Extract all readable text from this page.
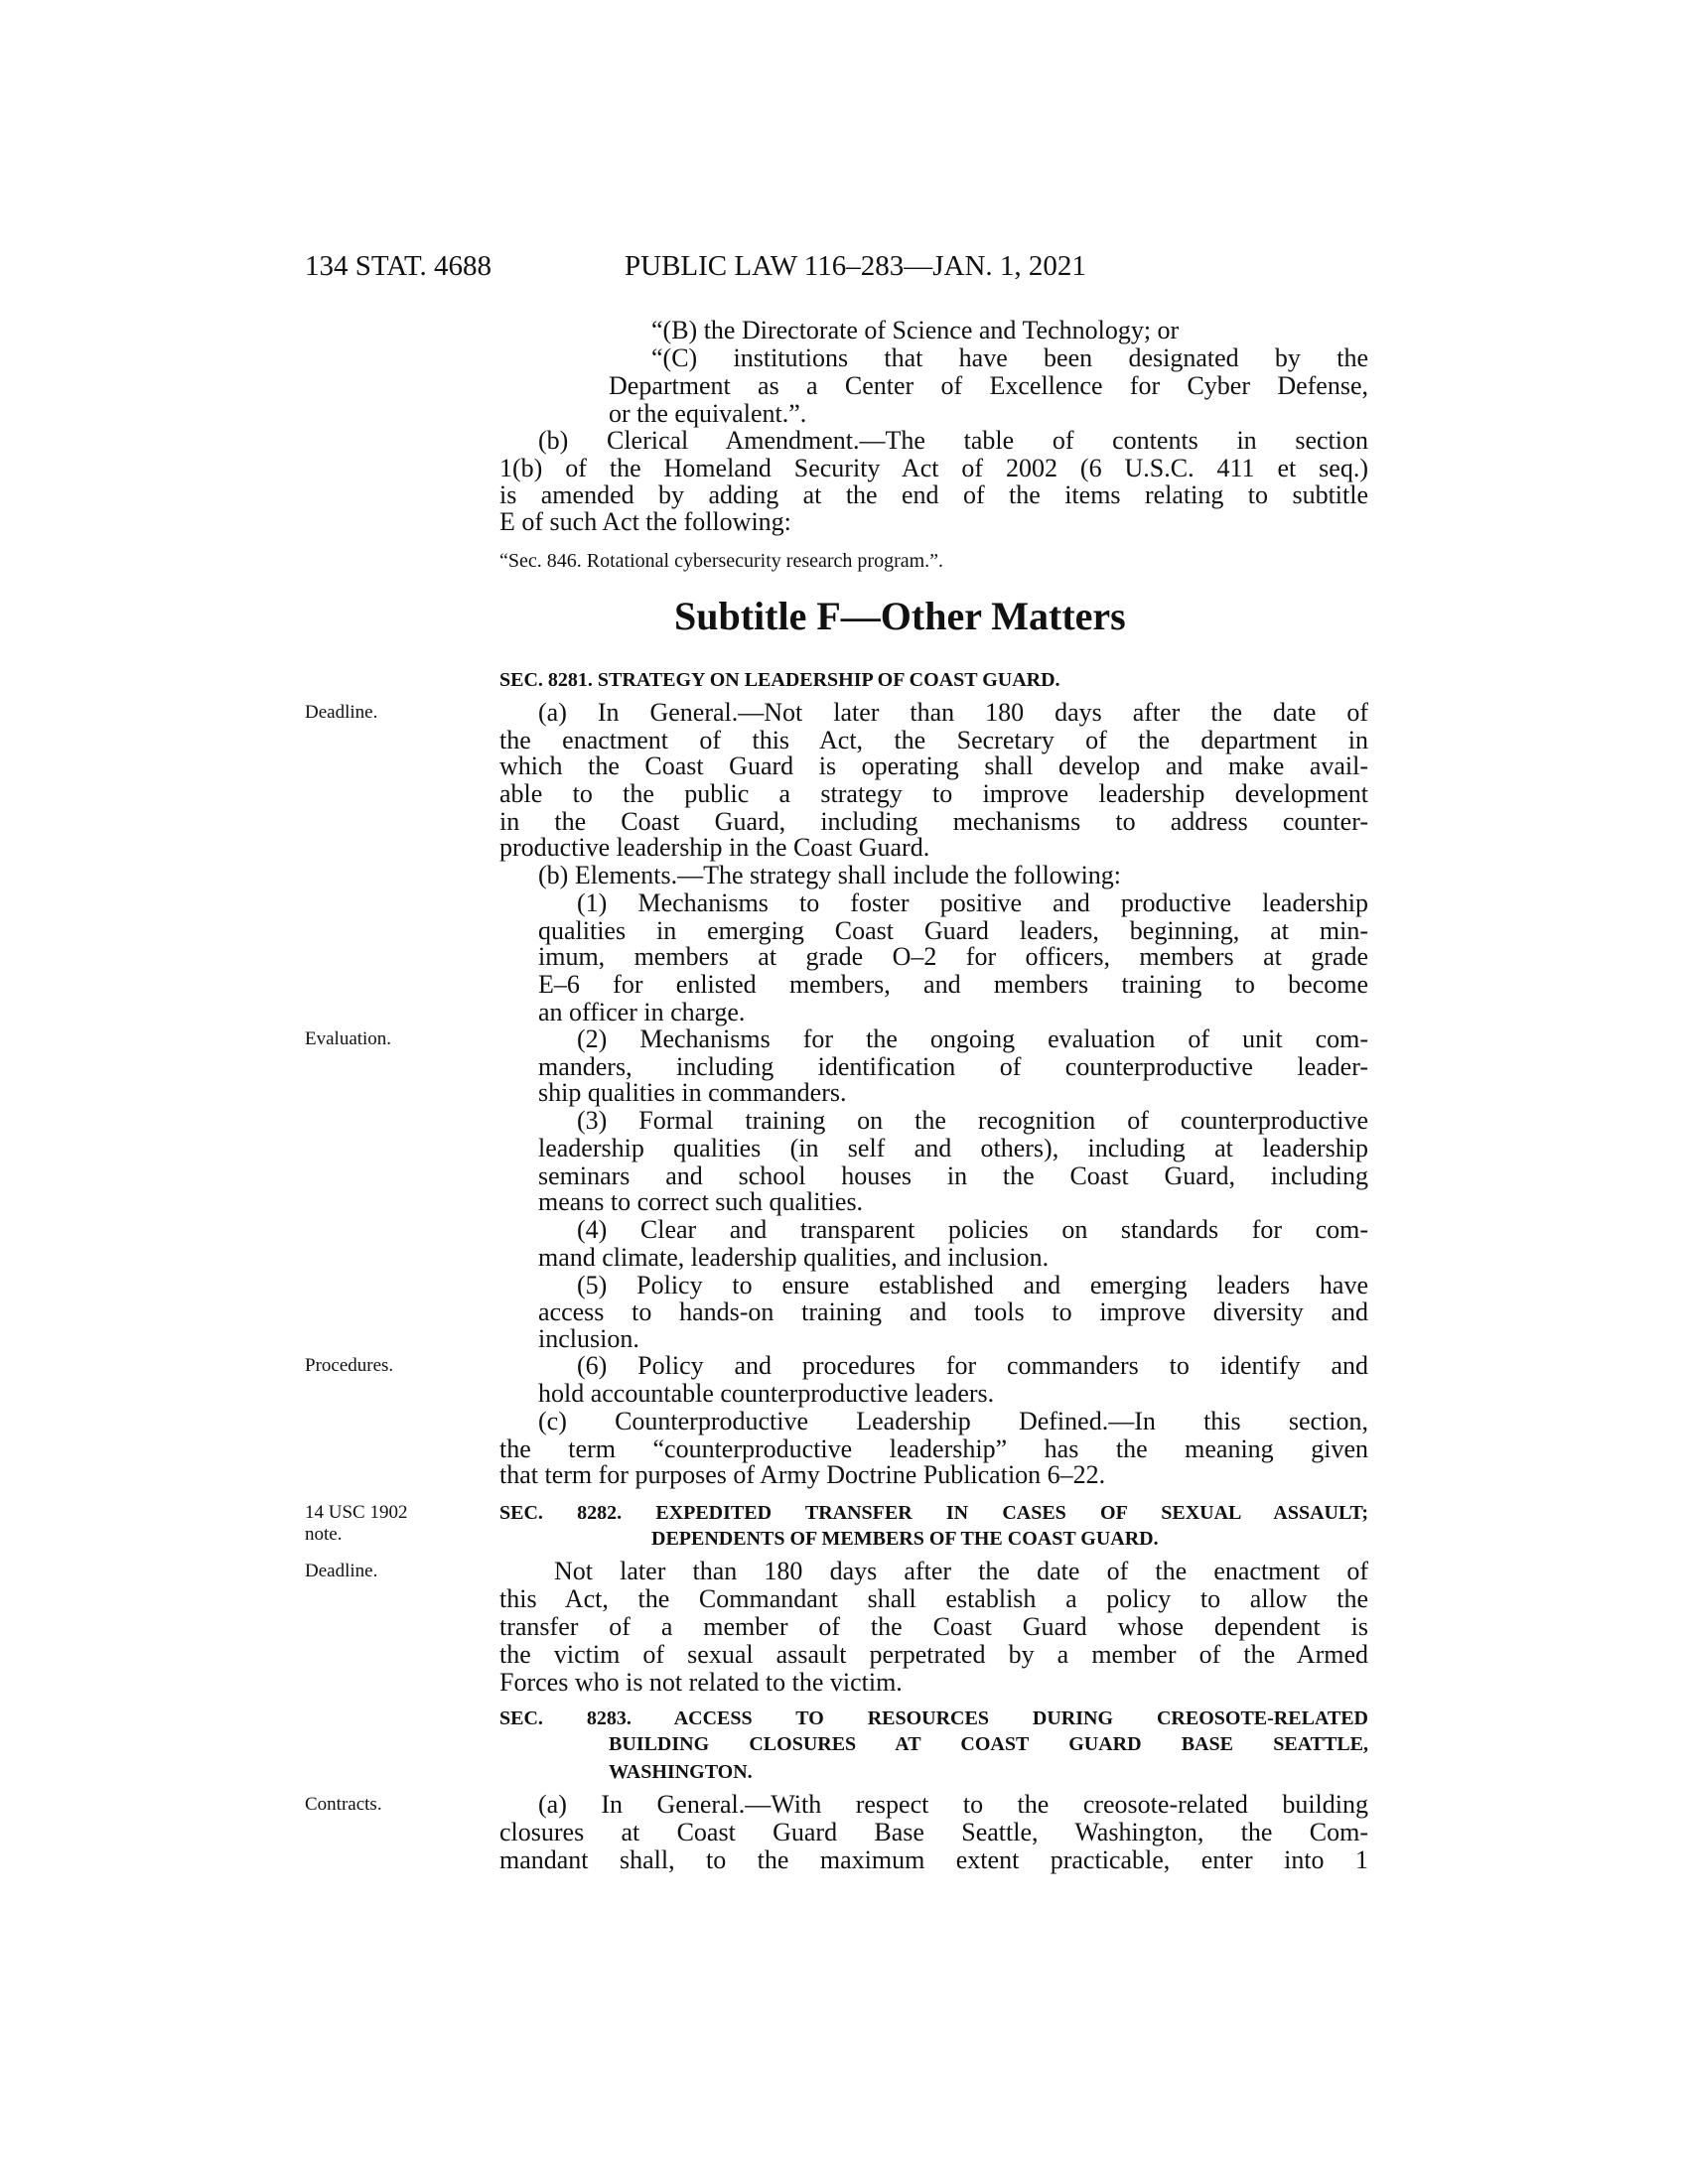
134 STAT. 4688	PUBLIC LAW 116–283—JAN. 1, 2021
“(B) the Directorate of Science and Technology; or
“(C) institutions that have been designated by the
Department as a Center of Excellence for Cyber Defense,
or the equivalent.”.
(b) Clerical Amendment.—The table of contents in section
1(b) of the Homeland Security Act of 2002 (6 U.S.C. 411 et seq.)
is amended by adding at the end of the items relating to subtitle
E of such Act the following:
“Sec. 846. Rotational cybersecurity research program.”.
Subtitle F—Other Matters
SEC. 8281. STRATEGY ON LEADERSHIP OF COAST GUARD.
(a) In General.—Not later than 180 days after the date of
the enactment of this Act, the Secretary of the department in
which the Coast Guard is operating shall develop and make avail-
able to the public a strategy to improve leadership development
in the Coast Guard, including mechanisms to address counter-
productive leadership in the Coast Guard.
(b) Elements.—The strategy shall include the following:
(1) Mechanisms to foster positive and productive leadership
qualities in emerging Coast Guard leaders, beginning, at min-
imum, members at grade O–2 for officers, members at grade
E–6 for enlisted members, and members training to become
an officer in charge.
(2) Mechanisms for the ongoing evaluation of unit com-
manders, including identification of counterproductive leader-
ship qualities in commanders.
(3) Formal training on the recognition of counterproductive
leadership qualities (in self and others), including at leadership
seminars and school houses in the Coast Guard, including
means to correct such qualities.
(4) Clear and transparent policies on standards for com-
mand climate, leadership qualities, and inclusion.
(5) Policy to ensure established and emerging leaders have
access to hands-on training and tools to improve diversity and
inclusion.
(6) Policy and procedures for commanders to identify and
hold accountable counterproductive leaders.
(c) Counterproductive Leadership Defined.—In this section,
the term “counterproductive leadership” has the meaning given
that term for purposes of Army Doctrine Publication 6–22.
SEC. 8282. EXPEDITED TRANSFER IN CASES OF SEXUAL ASSAULT;
DEPENDENTS OF MEMBERS OF THE COAST GUARD.
Not later than 180 days after the date of the enactment of
this Act, the Commandant shall establish a policy to allow the
transfer of a member of the Coast Guard whose dependent is
the victim of sexual assault perpetrated by a member of the Armed
Forces who is not related to the victim.
SEC. 8283. ACCESS TO RESOURCES DURING CREOSOTE-RELATED
BUILDING CLOSURES AT COAST GUARD BASE SEATTLE,
WASHINGTON.
(a) In General.—With respect to the creosote-related building
closures at Coast Guard Base Seattle, Washington, the Com-
mandant shall, to the maximum extent practicable, enter into 1
Deadline.
Evaluation.
Procedures.
14 USC 1902
note.
Deadline.
Contracts.
